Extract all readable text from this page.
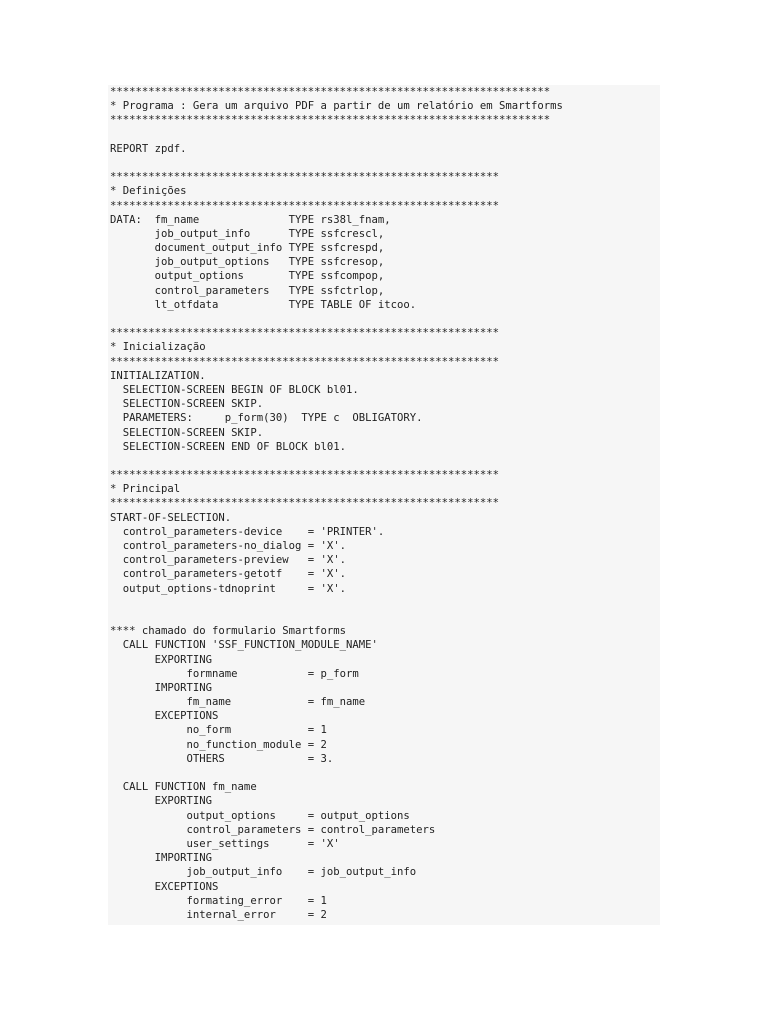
*********************************************************************
* Programa : Gera um arquivo PDF a partir de um relatório em Smartforms
*********************************************************************
REPORT zpdf.
*************************************************************
* Definições
*************************************************************
DATA:  fm_name              TYPE rs38l_fnam,
job_output_info      TYPE ssfcrescl,
document_output_info TYPE ssfcrespd,
job_output_options   TYPE ssfcresop,
output_options       TYPE ssfcompop,
control_parameters   TYPE ssfctrlop,
lt_otfdata           TYPE TABLE OF itcoo.
*************************************************************
* Inicialização
*************************************************************
INITIALIZATION.
SELECTION-SCREEN BEGIN OF BLOCK bl01.
SELECTION-SCREEN SKIP.
PARAMETERS:     p_form(30)  TYPE c  OBLIGATORY.
SELECTION-SCREEN SKIP.
SELECTION-SCREEN END OF BLOCK bl01.
*************************************************************
* Principal
*************************************************************
START-OF-SELECTION.
control_parameters-device    = 'PRINTER'.
control_parameters-no_dialog = 'X'.
control_parameters-preview   = 'X'.
control_parameters-getotf    = 'X'.
output_options-tdnoprint     = 'X'.
**** chamado do formulario Smartforms
CALL FUNCTION 'SSF_FUNCTION_MODULE_NAME'
EXPORTING
formname           = p_form
IMPORTING
fm_name            = fm_name
EXCEPTIONS
no_form            = 1
no_function_module = 2
OTHERS             = 3.
CALL FUNCTION fm_name
EXPORTING
output_options     = output_options
control_parameters = control_parameters
user_settings      = 'X'
IMPORTING
job_output_info    = job_output_info
EXCEPTIONS
formating_error    = 1
internal_error     = 2
